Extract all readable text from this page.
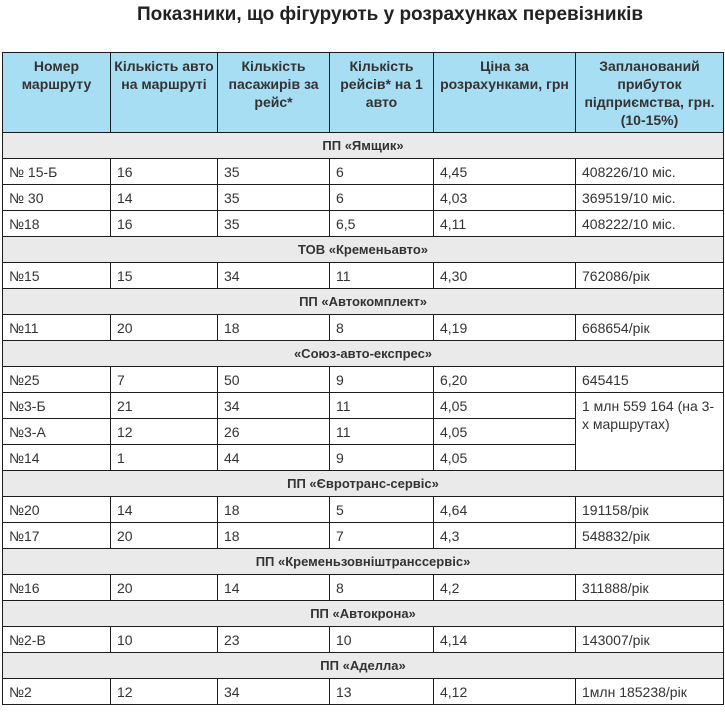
Показники, що фігурують у розрахунках перевізників
Номер маршруту	Кількість авто на маршруті	Кількість пасажирів за рейс*	Кількість рейсів* на 1 авто	Ціна за розрахунками, грн	Запланований прибуток підприємства, грн. (10-15%)
ПП «Ямщик»					
№ 15-Б	16	35	6	4,45	408226/10 міс.
№ 30	14	35	6	4,03	369519/10 міс.
№18	16	35	6,5	4,11	408222/10 міс.
ТОВ «Кременьавто»					
№15	15	34	11	4,30	762086/рік
ПП «Автокомплект»					
№11	20	18	8	4,19	668654/рік
«Союз-авто-експрес»					
№25	7	50	9	6,20	645415
№3-Б	21	34	11	4,05	1 млн 559 164 (на 3-х маршрутах)
№3-А	12	26	11	4,05	
№14	1	44	9	4,05	
ПП «Євротранс-сервіс»					
№20	14	18	5	4,64	191158/рік
№17	20	18	7	4,3	548832/рік
ПП «Кременьзовніштранссервіс»					
№16	20	14	8	4,2	311888/рік
ПП «Автокрона»					
№2-В	10	23	10	4,14	143007/рік
ПП «Аделла»					
№2	12	34	13	4,12	1млн 185238/рік
